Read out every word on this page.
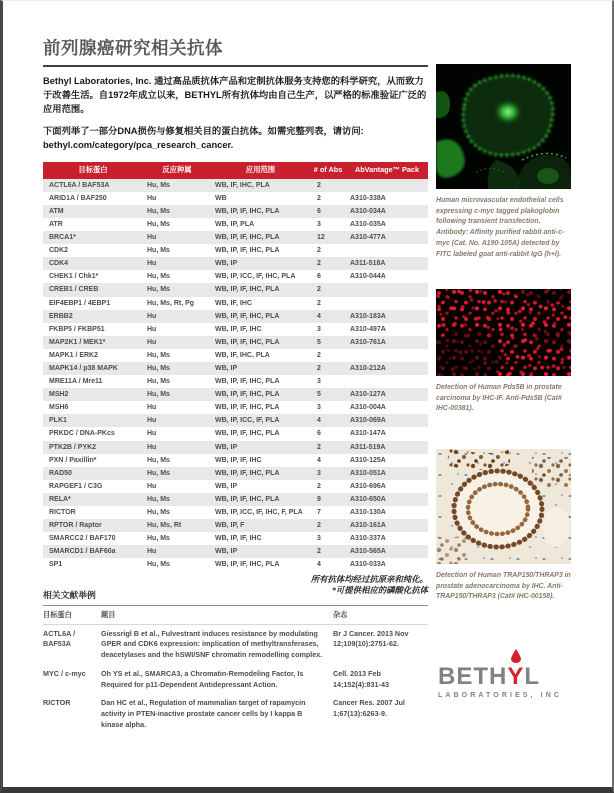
前列腺癌研究相关抗体

Bethyl Laboratories, Inc. 通过高品质抗体产品和定制抗体服务支持您的科学研究，从而致力于改善生活。自1972年成立以来，BETHYL所有抗体均由自己生产，以严格的标准验证广泛的应用范围。

下面列举了一部分DNA损伤与修复相关目的蛋白抗体。如需完整列表，请访问:
bethyl.com/category/pca_research_cancer.

目标蛋白	反应种属	应用范围	# of Abs	AbVantage™ Pack
ACTL6A / BAF53A	Hu, Ms	WB, IF, IHC, PLA	2	
ARID1A / BAF250	Hu	WB	2	A310-338A
ATM	Hu, Ms	WB, IP, IF, IHC, PLA	6	A310-034A
ATR	Hu, Ms	WB, IP, PLA	3	A310-035A
BRCA1*	Hu	WB, IP, IF, IHC, PLA	12	A310-477A
CDK2	Hu, Ms	WB, IP, IF, IHC, PLA	2	
CDK4	Hu	WB, IP	2	A311-518A
CHEK1 / Chk1*	Hu, Ms	WB, IP, ICC, IF, IHC, PLA	6	A310-044A
CREB1 / CREB	Hu, Ms	WB, IP, IF, IHC, PLA	2	
EIF4EBP1 / 4EBP1	Hu, Ms, Rt, Pg	WB, IF, IHC	2	
ERBB2	Hu	WB, IP, IF, IHC, PLA	4	A310-183A
FKBP5 / FKBP51	Hu	WB, IP, IF, IHC	3	A310-497A
MAP2K1 / MEK1*	Hu	WB, IP, IF, IHC, PLA	5	A310-761A
MAPK1 / ERK2	Hu, Ms	WB, IF, IHC, PLA	2	
MAPK14 / p38 MAPK	Hu, Ms	WB, IP	2	A310-212A
MRE11A / Mre11	Hu, Ms	WB, IP, IF, IHC, PLA	3	
MSH2	Hu, Ms	WB, IP, IF, IHC, PLA	5	A310-127A
MSH6	Hu	WB, IP, IF, IHC, PLA	3	A310-004A
PLK1	Hu	WB, IP, ICC, IF, PLA	4	A310-069A
PRKDC / DNA-PKcs	Hu	WB, IP, IF, IHC, PLA	6	A310-147A
PTK2B / PYK2	Hu	WB, IP	2	A311-519A
PXN / Paxillin*	Hu, Ms	WB, IP, IF, IHC	4	A310-125A
RAD50	Hu, Ms	WB, IP, IF, IHC, PLA	3	A310-051A
RAPGEF1 / C3G	Hu	WB, IP	2	A310-696A
RELA*	Hu, Ms	WB, IP, IF, IHC, PLA	9	A310-650A
RICTOR	Hu, Ms	WB, IP, ICC, IF, IHC, F, PLA	7	A310-130A
RPTOR / Raptor	Hu, Ms, Rt	WB, IP, F	2	A310-161A
SMARCC2 / BAF170	Hu, Ms	WB, IP, IF, IHC	3	A310-337A
SMARCD1 / BAF60a	Hu	WB, IP	2	A310-565A
SP1	Hu, Ms	WB, IP, IF, IHC, PLA	4	A310-033A
相关文献举例
所有抗体均经过抗原亲和纯化。
*可提供相应的磷酸化抗体
目标蛋白	题目	杂志
ACTL6A / BAF53A	Giessrigl B et al., Fulvestrant induces resistance by modulating GPER and CDK6 expression: implication of methyltransferases, deacetylases and the hSWI/SNF chromatin remodelling complex.	Br J Cancer. 2013 Nov 12;109(10):2751-62.
MYC / c-myc	Oh YS et al., SMARCA3, a Chromatin-Remodeling Factor, Is Required for p11-Dependent Antidepressant Action.	Cell. 2013 Feb 14;152(4):831-43
RICTOR	Dan HC et al., Regulation of mammalian target of rapamycin activity in PTEN-inactive prostate cancer cells by I kappa B kinase alpha.	Cancer Res. 2007 Jul 1;67(13):6263-9.
Human microvascular endothelial cells expressing c-myc tagged plakoglobin following transient transfection. Antibody: Affinity purified rabbit anti-c-myc (Cat. No. A190-105A) detected by FITC labeled goat anti-rabbit IgG (h+l).
Detection of Human Pds5B in prostate carcinoma by IHC-IF. Anti-Pds5B (Cat# IHC-00381).
Detection of Human TRAP150/THRAP3 in prostate adenocarcinoma by IHC. Anti-TRAP150/THRAP3 (Cat# IHC-00158).
BETH
YL
LABORATORIES, INC
